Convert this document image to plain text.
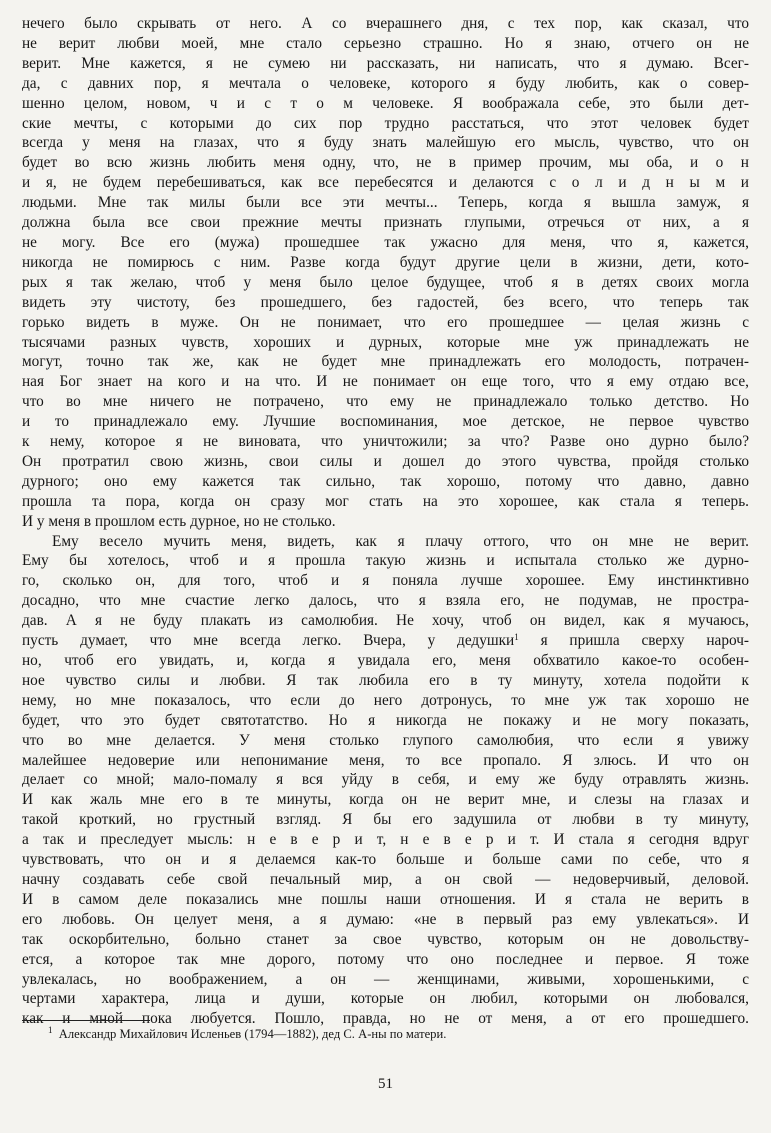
нечего было скрывать от него. А со вчерашнего дня, с тех пор, как сказал, что
не верит любви моей, мне стало серьезно страшно. Но я знаю, отчего он не
верит. Мне кажется, я не сумею ни рассказать, ни написать, что я думаю. Всег-
да, с давних пор, я мечтала о человеке, которого я буду любить, как о совер-
шенно целом, новом, ч и с т о м человеке. Я воображала себе, это были дет-
ские мечты, с которыми до сих пор трудно расстаться, что этот человек будет
всегда у меня на глазах, что я буду знать малейшую его мысль, чувство, что он
будет во всю жизнь любить меня одну, что, не в пример прочим, мы оба, и о н
и я, не будем перебешиваться, как все перебесятся и делаются с о л и д н ы м и
людьми. Мне так милы были все эти мечты... Теперь, когда я вышла замуж, я
должна была все свои прежние мечты признать глупыми, отречься от них, а я
не могу. Все его (мужа) прошедшее так ужасно для меня, что я, кажется,
никогда не помирюсь с ним. Разве когда будут другие цели в жизни, дети, кото-
рых я так желаю, чтоб у меня было целое будущее, чтоб я в детях своих могла
видеть эту чистоту, без прошедшего, без гадостей, без всего, что теперь так
горько видеть в муже. Он не понимает, что его прошедшее — целая жизнь с
тысячами разных чувств, хороших и дурных, которые мне уж принадлежать не
могут, точно так же, как не будет мне принадлежать его молодость, потрачен-
ная Бог знает на кого и на что. И не понимает он еще того, что я ему отдаю все,
что во мне ничего не потрачено, что ему не принадлежало только детство. Но
и то принадлежало ему. Лучшие воспоминания, мое детское, не первое чувство
к нему, которое я не виновата, что уничтожили; за что? Разве оно дурно было?
Он протратил свою жизнь, свои силы и дошел до этого чувства, пройдя столько
дурного; оно ему кажется так сильно, так хорошо, потому что давно, давно
прошла та пора, когда он сразу мог стать на это хорошее, как стала я теперь.
И у меня в прошлом есть дурное, но не столько.

Ему весело мучить меня, видеть, как я плачу оттого, что он мне не верит.
Ему бы хотелось, чтоб и я прошла такую жизнь и испытала столько же дурно-
го, сколько он, для того, чтоб и я поняла лучше хорошее. Ему инстинктивно
досадно, что мне счастие легко далось, что я взяла его, не подумав, не прострa-
дав. А я не буду плакать из самолюбия. Не хочу, чтоб он видел, как я мучаюсь,
пусть думает, что мне всегда легко. Вчера, у дедушки$^1$ я пришла сверху нароч-
но, чтоб его увидать, и, когда я увидала его, меня обхватило какое-то особен-
ное чувство силы и любви. Я так любила его в ту минуту, хотела подойти к
нему, но мне показалось, что если до него дотронусь, то мне уж так хорошо не
будет, что это будет святотатство. Но я никогда не покажу и не могу показать,
что во мне делается. У меня столько глупого самолюбия, что если я увижу
малейшее недоверие или непонимание меня, то все пропало. Я злюсь. И что он
делает со мной; мало-помалу я вся уйду в себя, и ему же буду отравлять жизнь.
И как жаль мне его в те минуты, когда он не верит мне, и слезы на глазах и
такой кроткий, но грустный взгляд. Я бы его задушила от любви в ту минуту,
а так и преследует мысль: н е в е р и т, н е в е р и т. И стала я сегодня вдруг
чувствовать, что он и я делаемся как-то больше и больше сами по себе, что я
начну создавать себе свой печальный мир, а он свой — недоверчивый, деловой.
И в самом деле показались мне пошлы наши отношения. И я стала не верить в
его любовь. Он целует меня, а я думаю: «не в первый раз ему увлекаться». И
так оскорбительно, больно станет за свое чувство, которым он не довольству-
ется, а которое так мне дорого, потому что оно последнее и первое. Я тоже
увлекалась, но воображением, а он — женщинами, живыми, хорошенькими, с
чертами характера, лица и души, которые он любил, которыми он любовался,
как и мной пока любуется. Пошло, правда, но не от меня, а от его прошедшего.

$^1$ Александр Михайлович Исленьев (1794—1882), дед С. А-ны по матери.
51
